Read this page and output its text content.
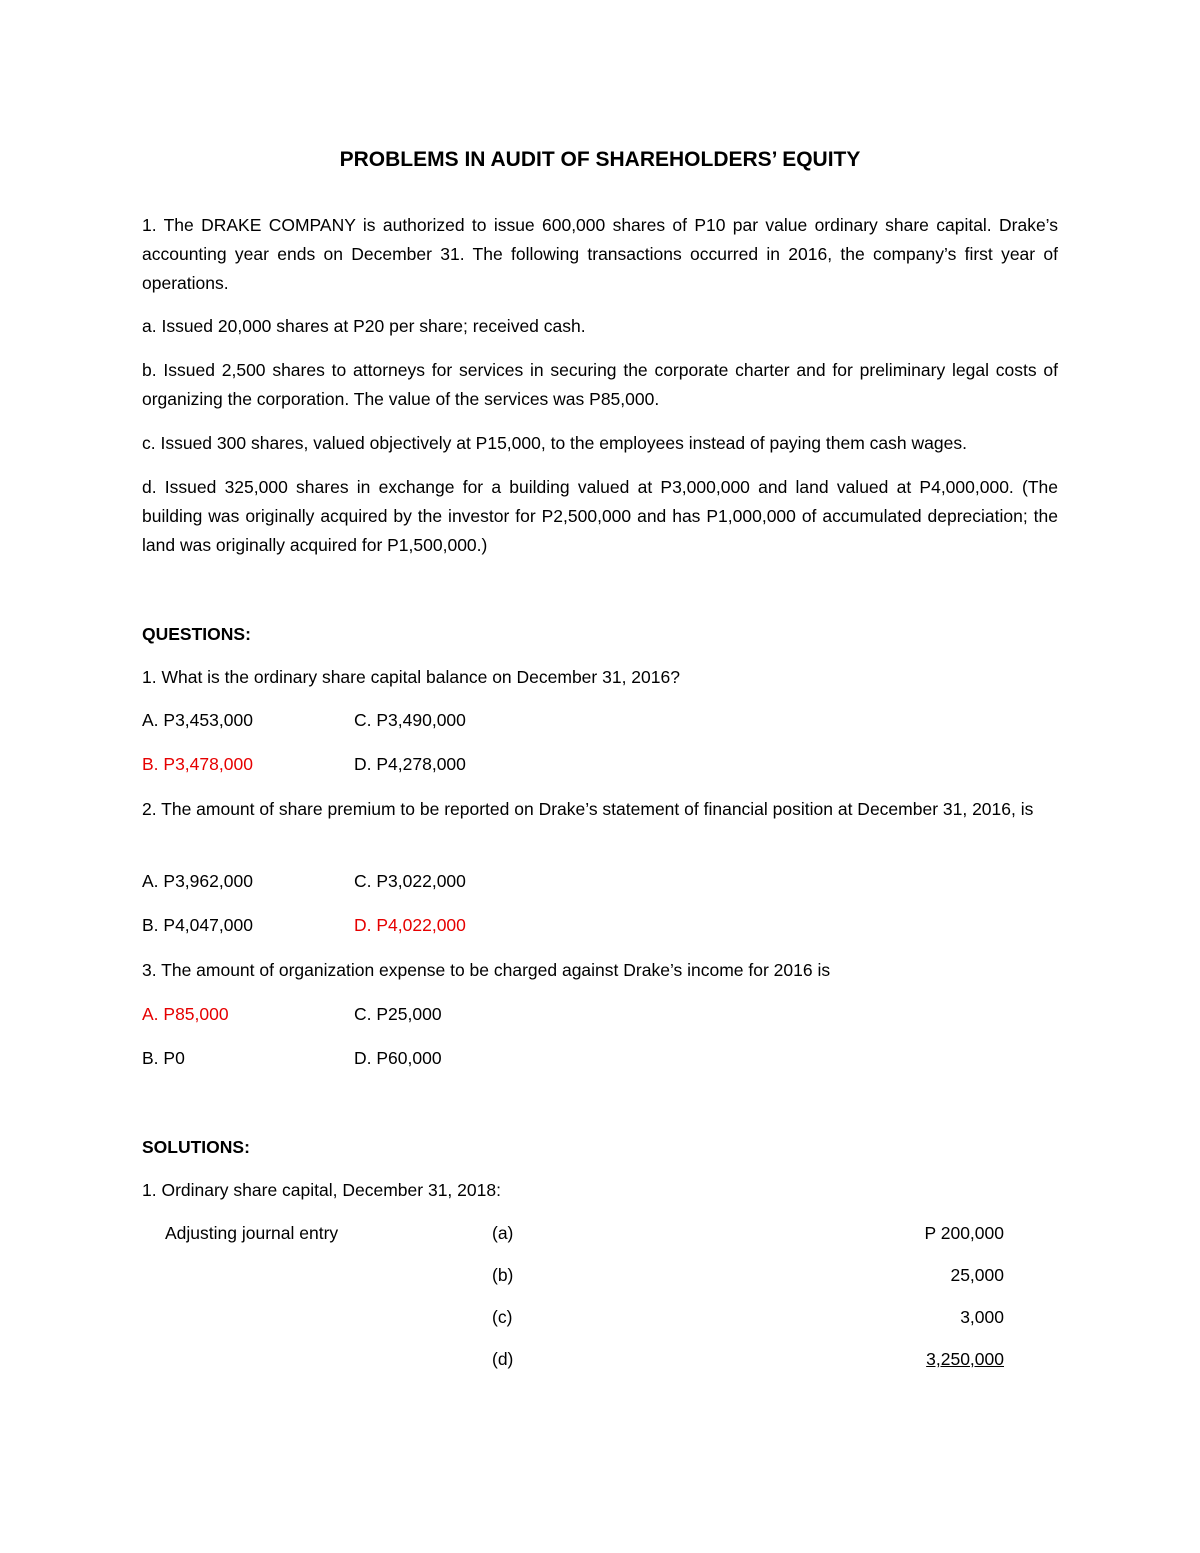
PROBLEMS IN AUDIT OF SHAREHOLDERS’ EQUITY
1. The DRAKE COMPANY is authorized to issue 600,000 shares of P10 par value ordinary share capital. Drake’s accounting year ends on December 31. The following transactions occurred in 2016, the company’s first year of operations.
a. Issued 20,000 shares at P20 per share; received cash.
b. Issued 2,500 shares to attorneys for services in securing the corporate charter and for preliminary legal costs of organizing the corporation. The value of the services was P85,000.
c. Issued 300 shares, valued objectively at P15,000, to the employees instead of paying them cash wages.
d. Issued 325,000 shares in exchange for a building valued at P3,000,000 and land valued at P4,000,000. (The building was originally acquired by the investor for P2,500,000 and has P1,000,000 of accumulated depreciation; the land was originally acquired for P1,500,000.)
QUESTIONS:
1. What is the ordinary share capital balance on December 31, 2016?
A. P3,453,000	C. P3,490,000
B. P3,478,000	D. P4,278,000
2. The amount of share premium to be reported on Drake’s statement of financial position at December 31, 2016, is
A. P3,962,000	C. P3,022,000
B. P4,047,000	D. P4,022,000
3. The amount of organization expense to be charged against Drake’s income for 2016 is
A. P85,000	C. P25,000
B. P0	D. P60,000
SOLUTIONS:
1. Ordinary share capital, December 31, 2018:
Adjusting journal entry	(a)	P 200,000
(b)	25,000
(c)	3,000
(d)	3,250,000
